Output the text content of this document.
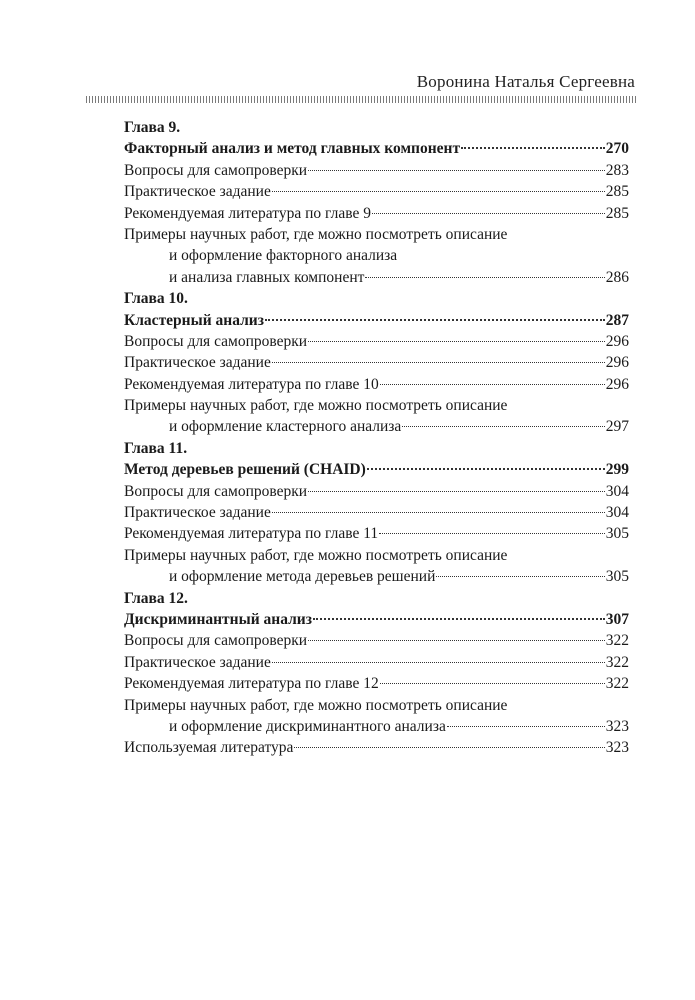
Воронина Наталья Сергеевна
Глава 9.
Факторный анализ и метод главных компонент	270
Вопросы для самопроверки	283
Практическое задание	285
Рекомендуемая литература по главе 9	285
Примеры научных работ, где можно посмотреть описание
и оформление факторного анализа
и анализа главных компонент	286
Глава 10.
Кластерный анализ	287
Вопросы для самопроверки	296
Практическое задание	296
Рекомендуемая литература по главе 10	296
Примеры научных работ, где можно посмотреть описание
и оформление кластерного анализа	297
Глава 11.
Метод деревьев решений (CHAID)	299
Вопросы для самопроверки	304
Практическое задание	304
Рекомендуемая литература по главе 11	305
Примеры научных работ, где можно посмотреть описание
и оформление метода деревьев решений	305
Глава 12.
Дискриминантный анализ	307
Вопросы для самопроверки	322
Практическое задание	322
Рекомендуемая литература по главе 12	322
Примеры научных работ, где можно посмотреть описание
и оформление дискриминантного анализа	323
Используемая литература	323
